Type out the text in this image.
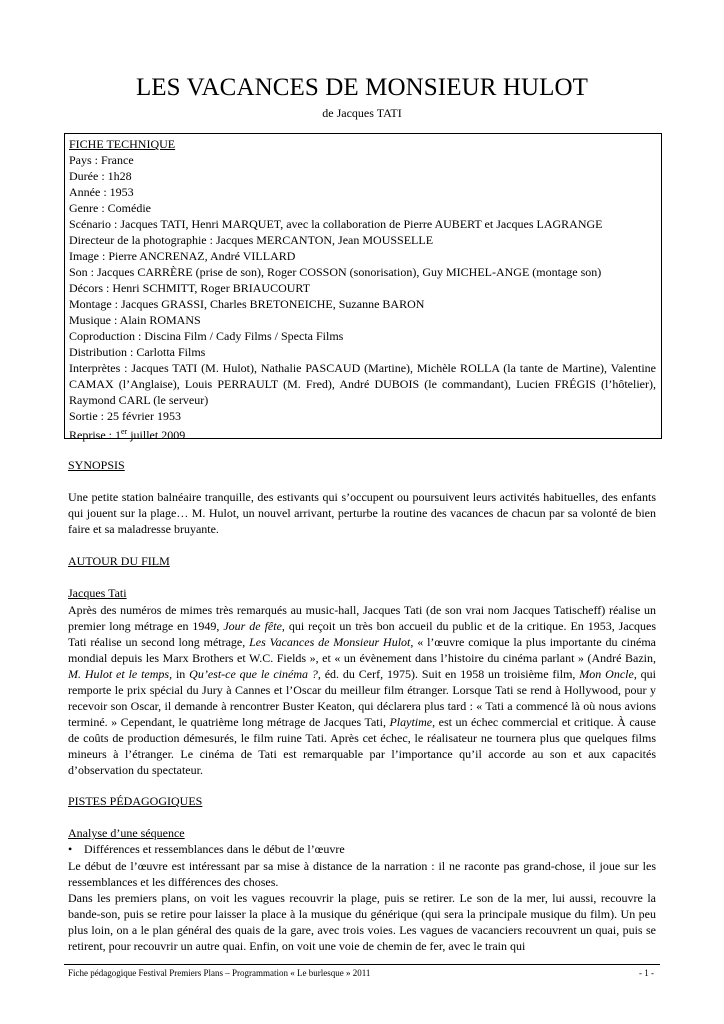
LES VACANCES DE MONSIEUR HULOT
de Jacques TATI
FICHE TECHNIQUE
Pays : France
Durée : 1h28
Année : 1953
Genre : Comédie
Scénario : Jacques TATI, Henri MARQUET, avec la collaboration de Pierre AUBERT et Jacques LAGRANGE
Directeur de la photographie : Jacques MERCANTON, Jean MOUSSELLE
Image : Pierre ANCRENAZ, André VILLARD
Son : Jacques CARRÈRE (prise de son), Roger COSSON (sonorisation), Guy MICHEL-ANGE (montage son)
Décors : Henri SCHMITT, Roger BRIAUCOURT
Montage : Jacques GRASSI, Charles BRETONEICHE, Suzanne BARON
Musique : Alain ROMANS
Coproduction : Discina Film / Cady Films / Specta Films
Distribution : Carlotta Films
Interprètes : Jacques TATI (M. Hulot), Nathalie PASCAUD (Martine), Michèle ROLLA (la tante de Martine), Valentine CAMAX (l’Anglaise), Louis PERRAULT (M. Fred), André DUBOIS (le commandant), Lucien FRÉGIS (l’hôtelier), Raymond CARL (le serveur)
Sortie : 25 février 1953
Reprise : 1er juillet 2009
SYNOPSIS
Une petite station balnéaire tranquille, des estivants qui s’occupent ou poursuivent leurs activités habituelles, des enfants qui jouent sur la plage… M. Hulot, un nouvel arrivant, perturbe la routine des vacances de chacun par sa volonté de bien faire et sa maladresse bruyante.
AUTOUR DU FILM
Jacques Tati
Après des numéros de mimes très remarqués au music-hall, Jacques Tati (de son vrai nom Jacques Tatischeff) réalise un premier long métrage en 1949, Jour de fête, qui reçoit un très bon accueil du public et de la critique. En 1953, Jacques Tati réalise un second long métrage, Les Vacances de Monsieur Hulot, « l’œuvre comique la plus importante du cinéma mondial depuis les Marx Brothers et W.C. Fields », et « un évènement dans l’histoire du cinéma parlant » (André Bazin, M. Hulot et le temps, in Qu’est-ce que le cinéma ?, éd. du Cerf, 1975). Suit en 1958 un troisième film, Mon Oncle, qui remporte le prix spécial du Jury à Cannes et l’Oscar du meilleur film étranger. Lorsque Tati se rend à Hollywood, pour y recevoir son Oscar, il demande à rencontrer Buster Keaton, qui déclarera plus tard : « Tati a commencé là où nous avions terminé. » Cependant, le quatrième long métrage de Jacques Tati, Playtime, est un échec commercial et critique. À cause de coûts de production démesurés, le film ruine Tati. Après cet échec, le réalisateur ne tournera plus que quelques films mineurs à l’étranger. Le cinéma de Tati est remarquable par l’importance qu’il accorde au son et aux capacités d’observation du spectateur.
PISTES PÉDAGOGIQUES
Analyse d’une séquence
• Différences et ressemblances dans le début de l’œuvre
Le début de l’œuvre est intéressant par sa mise à distance de la narration : il ne raconte pas grand-chose, il joue sur les ressemblances et les différences des choses.
Dans les premiers plans, on voit les vagues recouvrir la plage, puis se retirer. Le son de la mer, lui aussi, recouvre la bande-son, puis se retire pour laisser la place à la musique du générique (qui sera la principale musique du film). Un peu plus loin, on a le plan général des quais de la gare, avec trois voies. Les vagues de vacanciers recouvrent un quai, puis se retirent, pour recouvrir un autre quai. Enfin, on voit une voie de chemin de fer, avec le train qui
Fiche pédagogique Festival Premiers Plans – Programmation « Le burlesque » 2011	- 1 -
